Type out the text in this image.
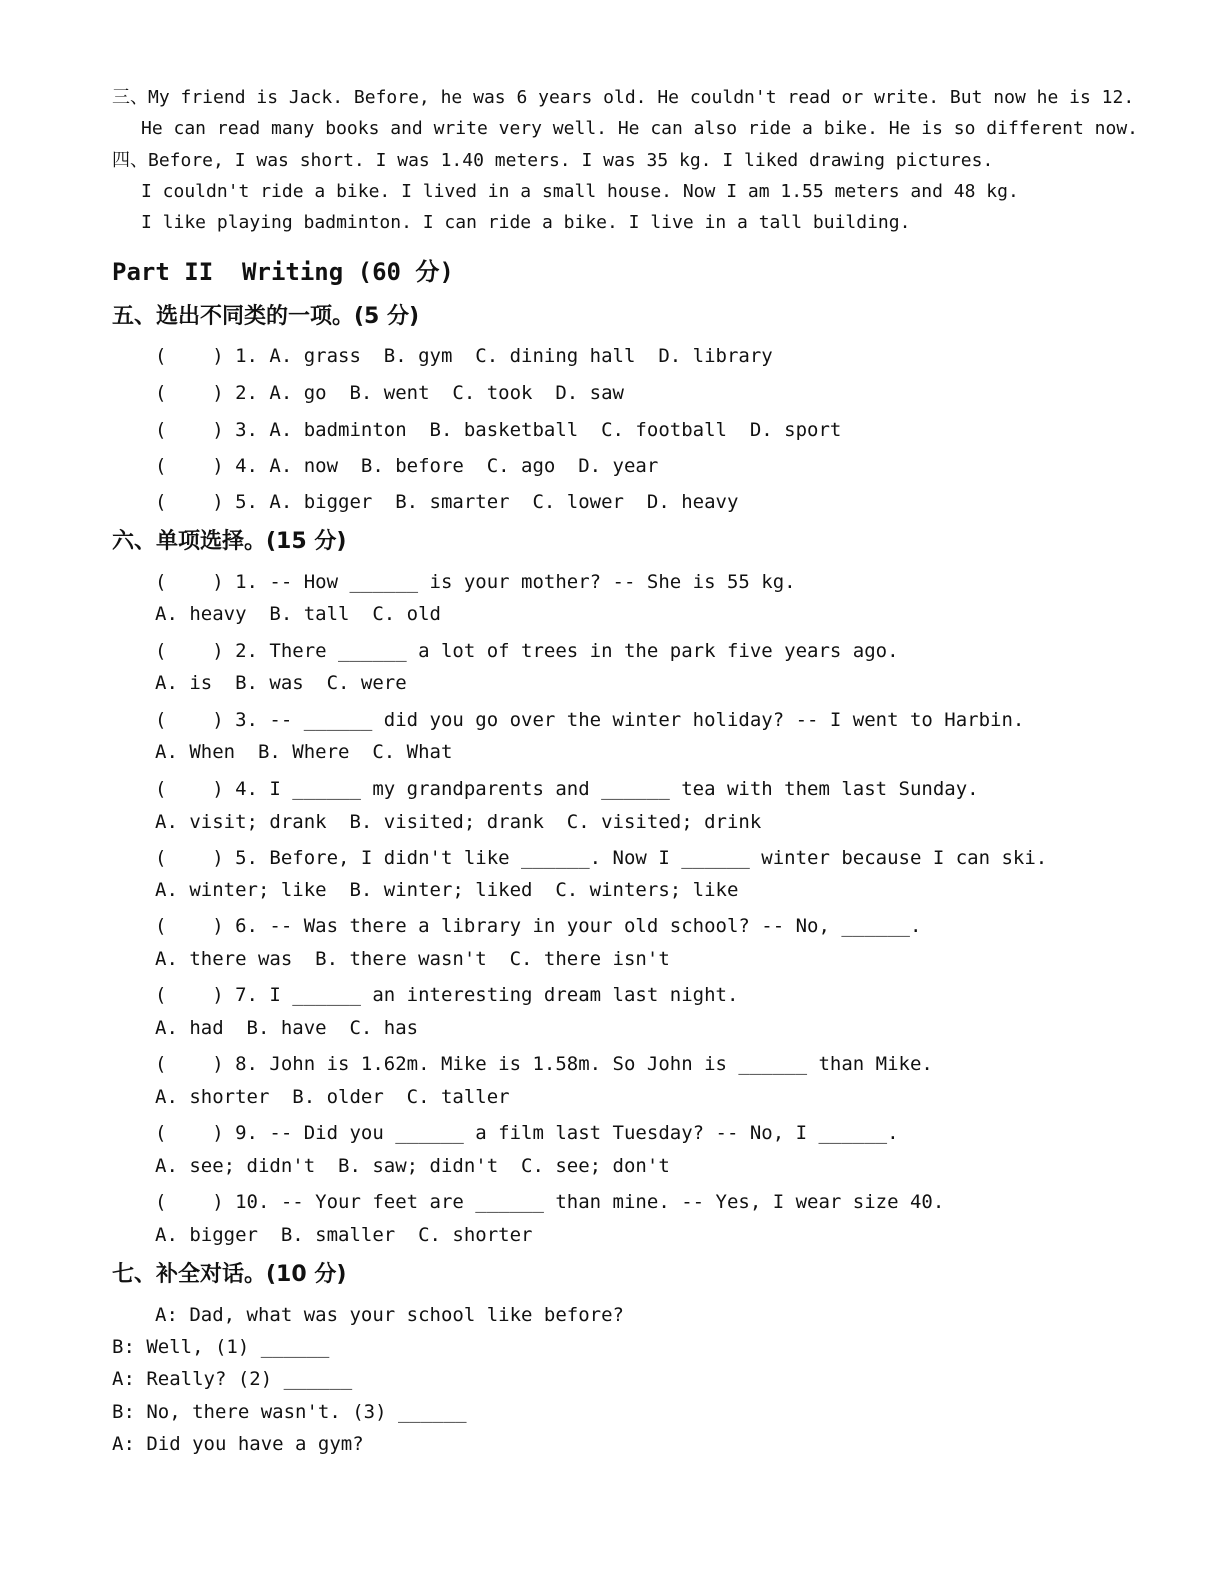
三、My friend is Jack. Before, he was 6 years old. He couldn't read or write. But now he is 12.
He can read many books and write very well. He can also ride a bike. He is so different now.
四、Before, I was short. I was 1.40 meters. I was 35 kg. I liked drawing pictures.
I couldn't ride a bike. I lived in a small house. Now I am 1.55 meters and 48 kg.
I like playing badminton. I can ride a bike. I live in a tall building.
Part II  Writing (60 分)
五、选出不同类的一项。(5 分)
(    ) 1. A. grass  B. gym  C. dining hall  D. library
(    ) 2. A. go  B. went  C. took  D. saw
(    ) 3. A. badminton  B. basketball  C. football  D. sport
(    ) 4. A. now  B. before  C. ago  D. year
(    ) 5. A. bigger  B. smarter  C. lower  D. heavy
六、单项选择。(15 分)
(    ) 1. -- How ______ is your mother? -- She is 55 kg.
A. heavy  B. tall  C. old
(    ) 2. There ______ a lot of trees in the park five years ago.
A. is  B. was  C. were
(    ) 3. -- ______ did you go over the winter holiday? -- I went to Harbin.
A. When  B. Where  C. What
(    ) 4. I ______ my grandparents and ______ tea with them last Sunday.
A. visit; drank  B. visited; drank  C. visited; drink
(    ) 5. Before, I didn't like ______. Now I ______ winter because I can ski.
A. winter; like  B. winter; liked  C. winters; like
(    ) 6. -- Was there a library in your old school? -- No, ______.
A. there was  B. there wasn't  C. there isn't
(    ) 7. I ______ an interesting dream last night.
A. had  B. have  C. has
(    ) 8. John is 1.62m. Mike is 1.58m. So John is ______ than Mike.
A. shorter  B. older  C. taller
(    ) 9. -- Did you ______ a film last Tuesday? -- No, I ______.
A. see; didn't  B. saw; didn't  C. see; don't
(    ) 10. -- Your feet are ______ than mine. -- Yes, I wear size 40.
A. bigger  B. smaller  C. shorter
七、补全对话。(10 分)
A: Dad, what was your school like before?
B: Well, (1) ______
A: Really? (2) ______
B: No, there wasn't. (3) ______
A: Did you have a gym?
